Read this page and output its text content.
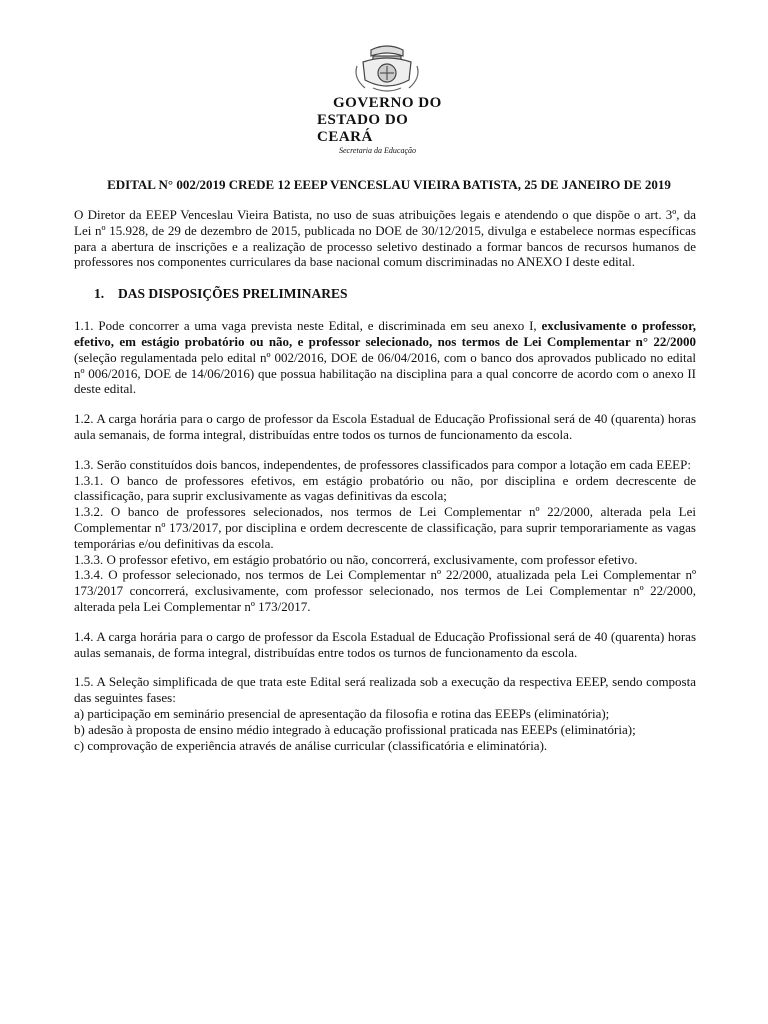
GOVERNO DO
ESTADO DO CEARÁ
Secretaria da Educação
EDITAL N° 002/2019 CREDE 12 EEEP VENCESLAU VIEIRA BATISTA, 25 DE JANEIRO DE 2019

O Diretor da EEEP Venceslau Vieira Batista, no uso de suas atribuições legais e atendendo o que dispõe o art. 3º, da Lei nº 15.928, de 29 de dezembro de 2015, publicada no DOE de 30/12/2015, divulga e estabelece normas específicas para a abertura de inscrições e a realização de processo seletivo destinado a formar bancos de recursos humanos de professores nos componentes curriculares da base nacional comum discriminadas no ANEXO I deste edital.

1. DAS DISPOSIÇÕES PRELIMINARES

1.1. Pode concorrer a uma vaga prevista neste Edital, e discriminada em seu anexo I, exclusivamente o professor, efetivo, em estágio probatório ou não, e professor selecionado, nos termos de Lei Complementar n° 22/2000 (seleção regulamentada pelo edital nº 002/2016, DOE de 06/04/2016, com o banco dos aprovados publicado no edital nº 006/2016, DOE de 14/06/2016) que possua habilitação na disciplina para a qual concorre de acordo com o anexo II deste edital.

1.2. A carga horária para o cargo de professor da Escola Estadual de Educação Profissional será de 40 (quarenta) horas aula semanais, de forma integral, distribuídas entre todos os turnos de funcionamento da escola.

1.3. Serão constituídos dois bancos, independentes, de professores classificados para compor a lotação em cada EEEP:

1.3.1. O banco de professores efetivos, em estágio probatório ou não, por disciplina e ordem decrescente de classificação, para suprir exclusivamente as vagas definitivas da escola;

1.3.2. O banco de professores selecionados, nos termos de Lei Complementar nº 22/2000, alterada pela Lei Complementar nº 173/2017, por disciplina e ordem decrescente de classificação, para suprir temporariamente as vagas temporárias e/ou definitivas da escola.

1.3.3. O professor efetivo, em estágio probatório ou não, concorrerá, exclusivamente, com professor efetivo.

1.3.4. O professor selecionado, nos termos de Lei Complementar nº 22/2000, atualizada pela Lei Complementar nº 173/2017 concorrerá, exclusivamente, com professor selecionado, nos termos de Lei Complementar nº 22/2000, alterada pela Lei Complementar nº 173/2017.

1.4. A carga horária para o cargo de professor da Escola Estadual de Educação Profissional será de 40 (quarenta) horas aulas semanais, de forma integral, distribuídas entre todos os turnos de funcionamento da escola.

1.5. A Seleção simplificada de que trata este Edital será realizada sob a execução da respectiva EEEP, sendo composta das seguintes fases:

a) participação em seminário presencial de apresentação da filosofia e rotina das EEEPs (eliminatória);

b) adesão à proposta de ensino médio integrado à educação profissional praticada nas EEEPs (eliminatória);

c) comprovação de experiência através de análise curricular (classificatória e eliminatória).
